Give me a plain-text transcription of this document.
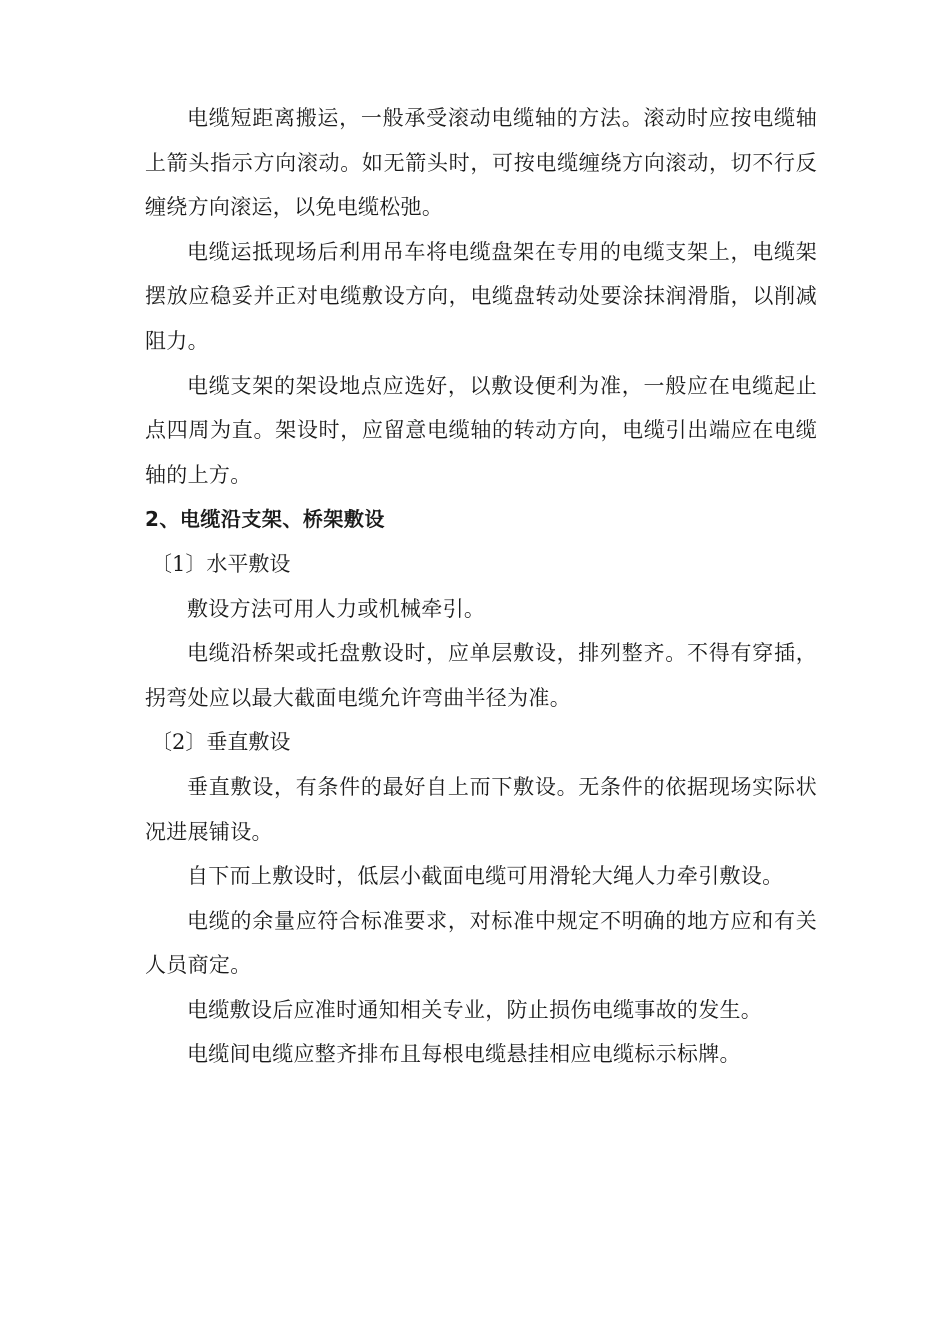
电缆短距离搬运，一般承受滚动电缆轴的方法。滚动时应按电缆轴上箭头指示方向滚动。如无箭头时，可按电缆缠绕方向滚动，切不行反缠绕方向滚运，以免电缆松弛。

电缆运抵现场后利用吊车将电缆盘架在专用的电缆支架上，电缆架摆放应稳妥并正对电缆敷设方向，电缆盘转动处要涂抹润滑脂，以削减阻力。

电缆支架的架设地点应选好，以敷设便利为准，一般应在电缆起止点四周为直。架设时，应留意电缆轴的转动方向，电缆引出端应在电缆轴的上方。

2、电缆沿支架、桥架敷设

〔1〕水平敷设

敷设方法可用人力或机械牵引。

电缆沿桥架或托盘敷设时，应单层敷设，排列整齐。不得有穿插，拐弯处应以最大截面电缆允许弯曲半径为准。

〔2〕垂直敷设

垂直敷设，有条件的最好自上而下敷设。无条件的依据现场实际状况进展铺设。

自下而上敷设时，低层小截面电缆可用滑轮大绳人力牵引敷设。

电缆的余量应符合标准要求，对标准中规定不明确的地方应和有关人员商定。

电缆敷设后应准时通知相关专业，防止损伤电缆事故的发生。

电缆间电缆应整齐排布且每根电缆悬挂相应电缆标示标牌。
